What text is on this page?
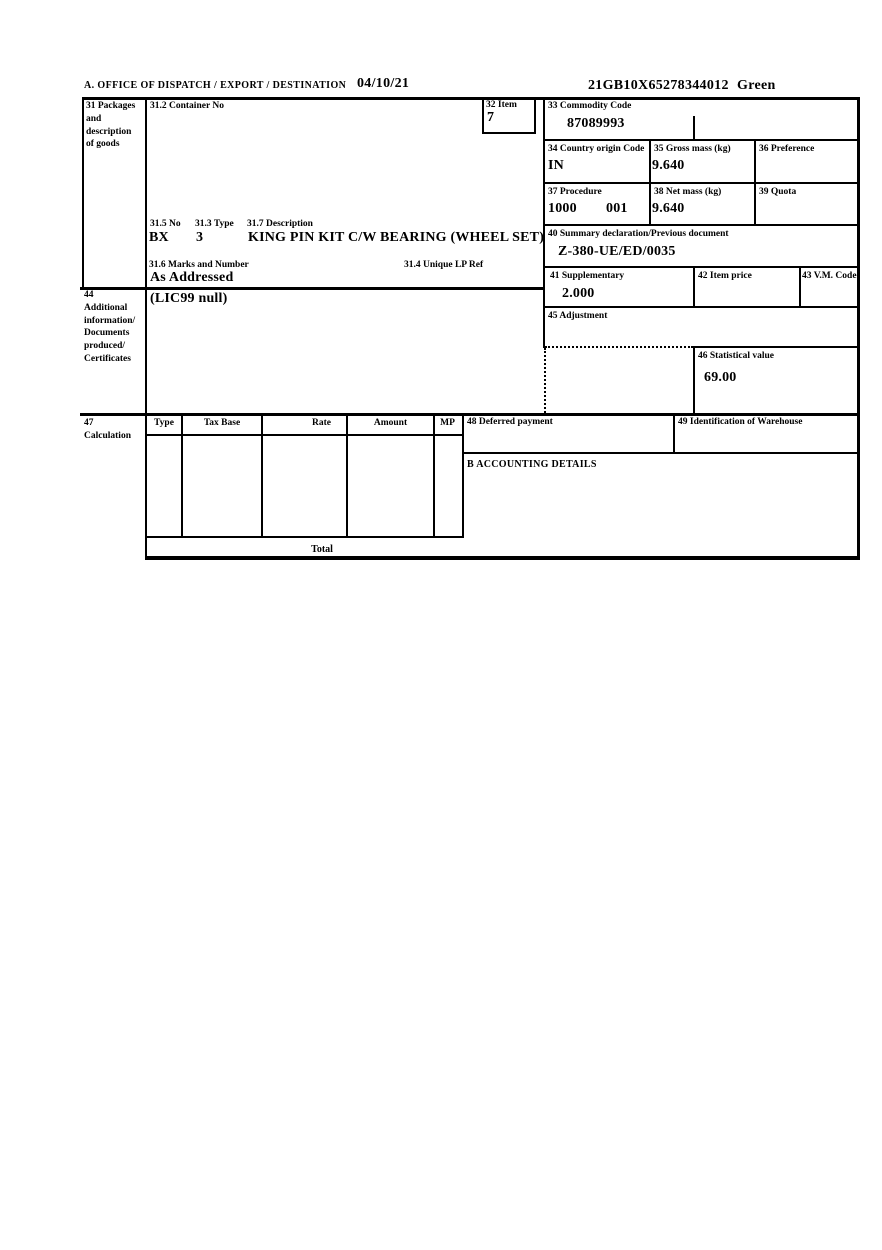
A. OFFICE OF DISPATCH / EXPORT / DESTINATION 04/10/21	21GB10X65278344012 Green
31 Packages
and
description
of goods
31.2 Container No	32 Item
7
31.5 No 31.3 Type 31.7 Description
BX 3	KING PIN KIT C/W BEARING (WHEEL SET)
31.6 Marks and Number	31.4 Unique LP Ref
As Addressed
33 Commodity Code
87089993
34 Country origin Code
IN
35 Gross mass (kg)
9.640
36 Preference
37 Procedure
1000 001
38 Net mass (kg)
9.640
39 Quota
40 Summary declaration/Previous document
Z-380-UE/ED/0035
41 Supplementary
2.000
42 Item price	43 V.M. Code
45 Adjustment
46 Statistical value
69.00
44
Additional
information/
Documents
produced/
Certificates
(LIC99 null)
47
Calculation
Type	Tax Base	Rate	Amount	MP
Total
48 Deferred payment	49 Identification of Warehouse
B ACCOUNTING DETAILS
